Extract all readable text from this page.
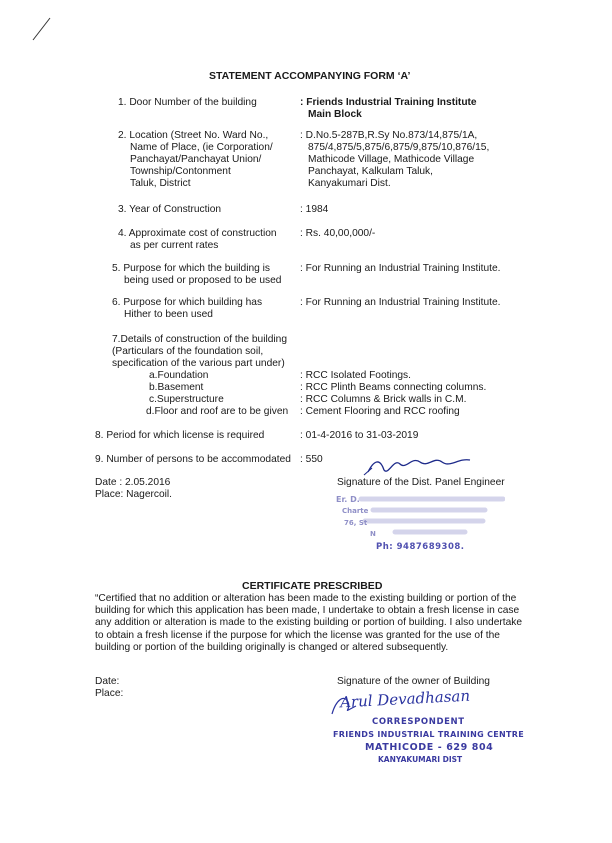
STATEMENT ACCOMPANYING FORM ‘A’
1. Door Number of the building	: Friends Industrial Training Institute
Main Block
2. Location (Street No. Ward No.,
Name of Place, (ie Corporation/
Panchayat/Panchayat Union/
Township/Contonment
Taluk, District
: D.No.5-287B,R.Sy No.873/14,875/1A,
875/4,875/5,875/6,875/9,875/10,876/15,
Mathicode Village, Mathicode Village
Panchayat, Kalkulam Taluk,
Kanyakumari Dist.
3. Year of Construction	: 1984
4. Approximate cost of construction
as per current rates
: Rs. 40,00,000/-
5. Purpose for which the building is
being used or proposed to be used
: For Running an Industrial Training Institute.
6. Purpose for which building has
Hither to been used
: For Running an Industrial Training Institute.
7.Details of construction of the building
(Particulars of the foundation soil,
specification of the various part under)
a.Foundation	: RCC Isolated Footings.
b.Basement	: RCC Plinth Beams connecting columns.
c.Superstructure	: RCC Columns & Brick walls in C.M.
d.Floor and roof are to be given : Cement Flooring and RCC roofing
8. Period for which license is required	: 01-4-2016 to 31-03-2019
9. Number of persons to be accommodated : 550
Date : 2.05.2016
Place: Nagercoil.
Signature of the Dist. Panel Engineer
Er. D.
Charte
76, St
N
Ph: 9487689308.
CERTIFICATE PRESCRIBED
“Certified that no addition or alteration has been made to the existing building or portion of the building for which this application has been made, I undertake to obtain a fresh license in case any addition or alteration is made to the existing building or portion of building. I also undertake to obtain a fresh license if the purpose for which the license was granted for the use of the building or portion of the building originally is changed or altered subsequently.
Date:
Place:
Signature of the owner of Building
Arul Devadhasan
CORRESPONDENT
FRIENDS INDUSTRIAL TRAINING CENTRE
MATHICODE - 629 804
KANYAKUMARI DIST
